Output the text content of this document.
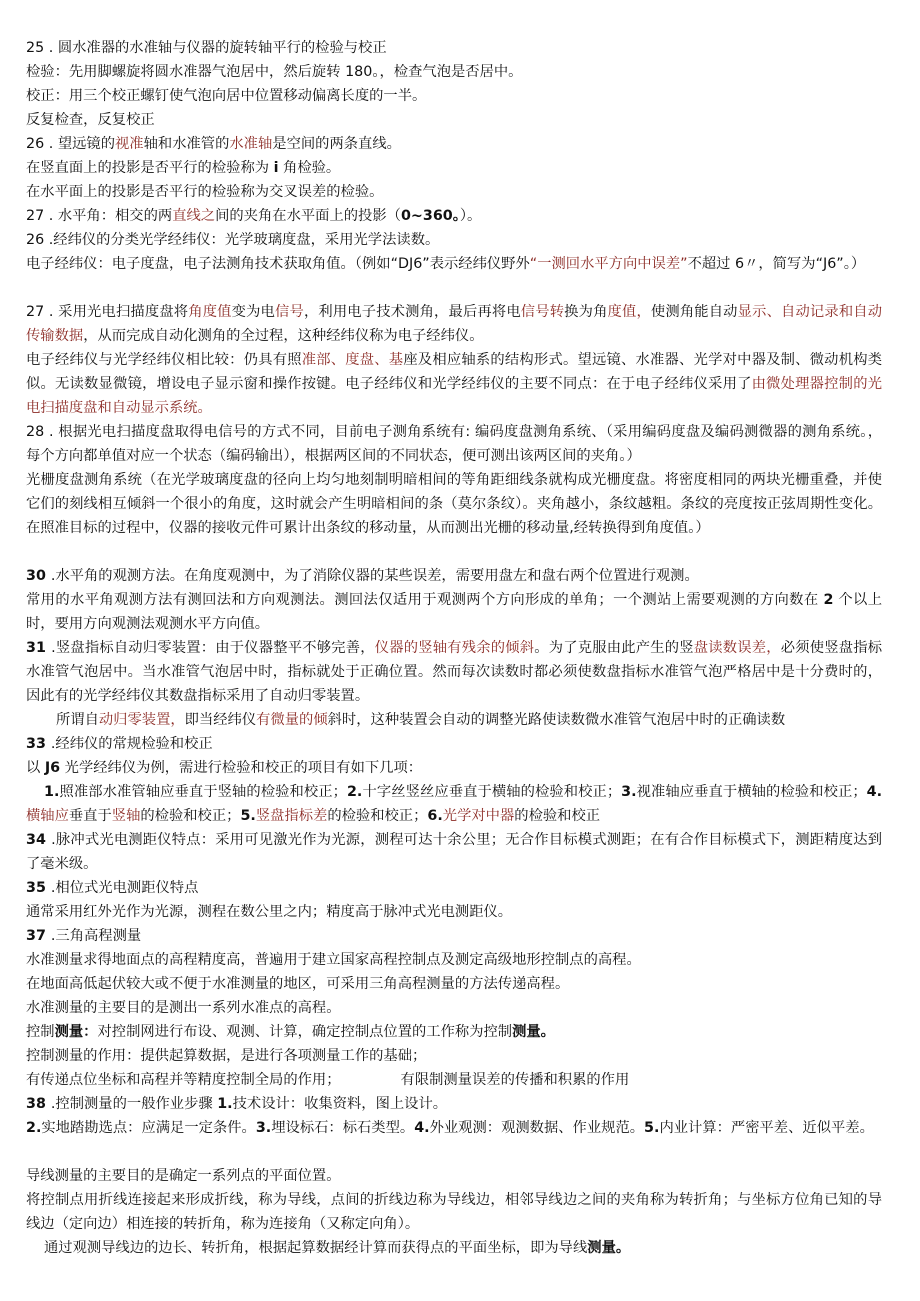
25 . 圆水准器的水准轴与仪器的旋转轴平行的检验与校正
检验：先用脚螺旋将圆水准器气泡居中，然后旋转 180。，检查气泡是否居中。
校正：用三个校正螺钉使气泡向居中位置移动偏离长度的一半。
反复检查，反复校正
26 . 望远镜的视准轴和水准管的水准轴是空间的两条直线。
在竖直面上的投影是否平行的检验称为 i 角检验。
在水平面上的投影是否平行的检验称为交叉误差的检验。
27 . 水平角：相交的两直线之间的夹角在水平面上的投影（0~360。）。
26 .经纬仪的分类光学经纬仪：光学玻璃度盘，采用光学法读数。
电子经纬仪：电子度盘，电子法测角技术获取角值。（例如“DJ6”表示经纬仪野外“一测回水平方向中误差”不超过 6〃，简写为“J6”。）
27 . 采用光电扫描度盘将角度值变为电信号，利用电子技术测角，最后再将电信号转换为角度值，使测角能自动显示、自动记录和自动传输数据，从而完成自动化测角的全过程，这种经纬仪称为电子经纬仪。
电子经纬仪与光学经纬仪相比较：仍具有照准部、度盘、基座及相应轴系的结构形式。望远镜、水准器、光学对中器及制、微动机构类似。无读数显微镜，增设电子显示窗和操作按键。电子经纬仪和光学经纬仪的主要不同点：在于电子经纬仪采用了由微处理器控制的光电扫描度盘和自动显示系统。
28 . 根据光电扫描度盘取得电信号的方式不同，目前电子测角系统有: 编码度盘测角系统、（采用编码度盘及编码测微器的测角系统。，每个方向都单值对应一个状态（编码输出），根据两区间的不同状态，便可测出该两区间的夹角。）
光栅度盘测角系统（在光学玻璃度盘的径向上均匀地刻制明暗相间的等角距细线条就构成光栅度盘。将密度相同的两块光栅重叠，并使它们的刻线相互倾斜一个很小的角度，这时就会产生明暗相间的条（莫尔条纹）。夹角越小，条纹越粗。条纹的亮度按正弦周期性变化。在照准目标的过程中，仪器的接收元件可累计出条纹的移动量，从而测出光栅的移动量,经转换得到角度值。）
30 .水平角的观测方法。在角度观测中，为了消除仪器的某些误差，需要用盘左和盘右两个位置进行观测。
常用的水平角观测方法有测回法和方向观测法。测回法仅适用于观测两个方向形成的单角；一个测站上需要观测的方向数在 2 个以上时，要用方向观测法观测水平方向值。
31 .竖盘指标自动归零装置：由于仪器整平不够完善，仪器的竖轴有残余的倾斜。为了克服由此产生的竖盘读数误差，必须使竖盘指标水准管气泡居中。当水准管气泡居中时，指标就处于正确位置。然而每次读数时都必须使数盘指标水准管气泡严格居中是十分费时的，因此有的光学经纬仪其数盘指标采用了自动归零装置。
所谓自动归零装置，即当经纬仪有微量的倾斜时，这种装置会自动的调整光路使读数微水准管气泡居中时的正确读数
33 .经纬仪的常规检验和校正
以 J6 光学经纬仪为例，需进行检验和校正的项目有如下几项：
1.照准部水准管轴应垂直于竖轴的检验和校正；2.十字丝竖丝应垂直于横轴的检验和校正；3.视准轴应垂直于横轴的检验和校正；4.横轴应垂直于竖轴的检验和校正；5.竖盘指标差的检验和校正；6.光学对中器的检验和校正
34 .脉冲式光电测距仪特点：采用可见激光作为光源，测程可达十余公里；无合作目标模式测距；在有合作目标模式下，测距精度达到了毫米级。
35 .相位式光电测距仪特点
通常采用红外光作为光源，测程在数公里之内；精度高于脉冲式光电测距仪。
37 .三角高程测量
水准测量求得地面点的高程精度高，普遍用于建立国家高程控制点及测定高级地形控制点的高程。
在地面高低起伏较大或不便于水准测量的地区，可采用三角高程测量的方法传递高程。
水准测量的主要目的是测出一系列水准点的高程。
控制测量：对控制网进行布设、观测、计算，确定控制点位置的工作称为控制测量。
控制测量的作用：提供起算数据，是进行各项测量工作的基础；
有传递点位坐标和高程并等精度控制全局的作用；	有限制测量误差的传播和积累的作用
38 .控制测量的一般作业步骤 1.技术设计：收集资料，图上设计。
2.实地踏勘选点：应满足一定条件。3.埋设标石：标石类型。4.外业观测：观测数据、作业规范。5.内业计算：严密平差、近似平差。
导线测量的主要目的是确定一系列点的平面位置。
将控制点用折线连接起来形成折线，称为导线，点间的折线边称为导线边，相邻导线边之间的夹角称为转折角；与坐标方位角已知的导线边（定向边）相连接的转折角，称为连接角（又称定向角）。
通过观测导线边的边长、转折角，根据起算数据经计算而获得点的平面坐标，即为导线测量。
